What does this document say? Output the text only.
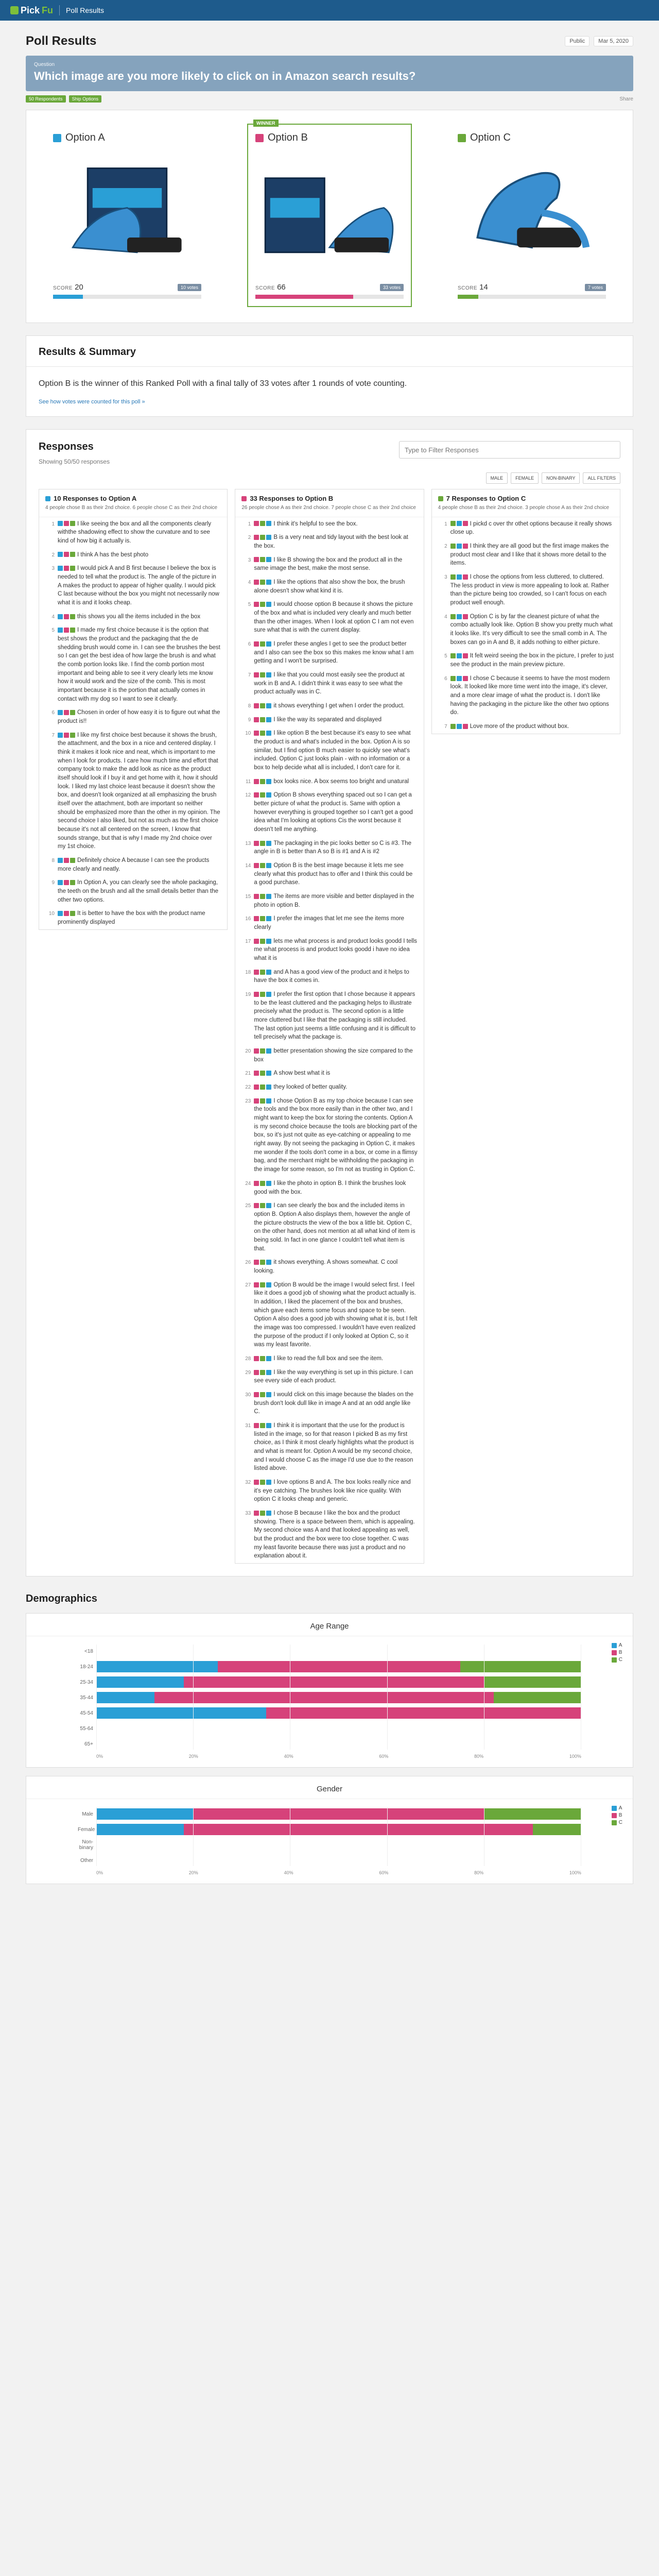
Pick Fu Poll Results
Poll Results	Public	Mar 5, 2020
Question
Which image are you more likely to click on in Amazon search results?
50 Respondents	Ship Options	Share
Option A
SCORE 20	10 votes
WINNER
Option B
SCORE 66	33 votes
Option C
SCORE 14	7 votes
Results & Summary
Option B is the winner of this Ranked Poll with a final tally of 33 votes after 1 rounds of vote counting.
See how votes were counted for this poll »
Responses
Showing 50/50 responses
Type to Filter Responses
MALE	FEMALE	NON-BINARY	ALL FILTERS
10 Responses to Option A
4 people chose B as their 2nd choice. 6 people chose C as their 2nd choice
1	I like seeing the box and all the components clearly withthe shadowing effect to show the curvature and to see kind of how big it actually is.
2	I think A has the best photo
3	I would pick A and B first because I believe the box is needed to tell what the product is. The angle of the picture in A makes the product to appear of higher quality. I would pick C last because without the box you might not necessarily now what it is and it looks cheap.
4	this shows you all the items included in the box
5	I made my first choice because it is the option that best shows the product and the packaging that the de shedding brush would come in. I can see the brushes the best so I can get the best idea of how large the brush is and what the comb portion looks like. I find the comb portion most important and being able to see it very clearly lets me know how it would work and the size of the comb. This is most important because it is the portion that actually comes in contact with my dog so I want to see it clearly.
6	Chosen in order of how easy it is to figure out what the product is!!
7	I like my first choice best because it shows the brush, the attachment, and the box in a nice and centered display. I think it makes it look nice and neat, which is important to me when I look for products. I care how much time and effort that company took to make the add look as nice as the product itself should look if I buy it and get home with it, how it should look. I liked my last choice least because it doesn't show the box, and doesn't look organized at all emphasizing the brush itself over the attachment, both are important so neither should be emphasized more than the other in my opinion. The second choice I also liked, but not as much as the first choice because it's not all centered on the screen, I know that sounds strange, but that is why I made my 2nd choice over my 1st choice.
8	Definitely choice A because I can see the products more clearly and neatly.
9	In Option A, you can clearly see the whole packaging, the teeth on the brush and all the small details better than the other two options.
10	It is better to have the box with the product name prominently displayed
33 Responses to Option B
26 people chose A as their 2nd choice. 7 people chose C as their 2nd choice
1	I think it's helpful to see the box.
2	B is a very neat and tidy layout with the best look at the box.
3	I like B showing the box and the product all in the same image the best, make the most sense.
4	I like the options that also show the box, the brush alone doesn't show what kind it is.
5	I would choose option B because it shows the picture of the box and what is included very clearly and much better than the other images. When I look at option C I am not even sure what that is with the current display.
6	I prefer these angles I get to see the product better and I also can see the box so this makes me know what I am getting and I won't be surprised.
7	I like that you could most easily see the product at work in B and A. I didn't think it was easy to see what the product actually was in C.
8	it shows everything I get when I order the product.
9	I like the way its separated and displayed
10	I like option B the best because it's easy to see what the product is and what's included in the box. Option A is so similar, but I find option B much easier to quickly see what's included. Option C just looks plain - with no information or a box to help decide what all is included, I don't care for it.
11	box looks nice. A box seems too bright and unatural
12	Option B shows everything spaced out so I can get a better picture of what the product is. Same with option a however everything is grouped together so I can't get a good idea what I'm looking at options Cis the worst because it doesn't tell me anything.
13	The packaging in the pic looks better so C is #3. The angle in B is better than A so B is #1 and A is #2
14	Option B is the best image because it lets me see clearly what this product has to offer and I think this could be a good purchase.
15	The items are more visible and better displayed in the photo in option B.
16	I prefer the images that let me see the items more clearly
17	lets me what process is and product looks goodd I tells me what process is and product looks goodd i have no idea what it is
18	and A has a good view of the product and it helps to have the box it comes in.
19	I prefer the first option that I chose because it appears to be the least cluttered and the packaging helps to illustrate precisely what the product is. The second option is a little more cluttered but I like that the packaging is still included. The last option just seems a little confusing and it is difficult to tell precisely what the package is.
20	better presentation showing the size compared to the box
21	A show best what it is
22	they looked of better quality.
23	I chose Option B as my top choice because I can see the tools and the box more easily than in the other two, and I might want to keep the box for storing the contents. Option A is my second choice because the tools are blocking part of the box, so it's just not quite as eye-catching or appealing to me right away. By not seeing the packaging in Option C, it makes me wonder if the tools don't come in a box, or come in a flimsy bag, and the merchant might be withholding the packaging in the image for some reason, so I'm not as trusting in Option C.
24	I like the photo in option B. I think the brushes look good with the box.
25	I can see clearly the box and the included items in option B. Option A also displays them, however the angle of the picture obstructs the view of the box a little bit. Option C, on the other hand, does not mention at all what kind of item is being sold. In fact in one glance I couldn't tell what item is that.
26	it shows everything. A shows somewhat. C cool looking.
27	Option B would be the image I would select first. I feel like it does a good job of showing what the product actually is. In addition, I liked the placement of the box and brushes, which gave each items some focus and space to be seen. Option A also does a good job with showing what it is, but I felt the image was too compressed. I wouldn't have even realized the purpose of the product if I only looked at Option C, so it was my least favorite.
28	I like to read the full box and see the item.
29	I like the way everything is set up in this picture. I can see every side of each product.
30	I would click on this image because the blades on the brush don't look dull like in image A and at an odd angle like C.
31	I think it is important that the use for the product is listed in the image, so for that reason I picked B as my first choice, as I think it most clearly highlights what the product is and what is meant for. Option A would be my second choice, and I would choose C as the image I'd use due to the reason listed above.
32	I love options B and A. The box looks really nice and it's eye catching. The brushes look like nice quality. With option C it looks cheap and generic.
33	I chose B because I like the box and the product showing. There is a space between them, which is appealing. My second choice was A and that looked appealing as well, but the product and the box were too close together. C was my least favorite because there was just a product and no explanation about it.
7 Responses to Option C
4 people chose B as their 2nd choice. 3 people chose A as their 2nd choice
1	I pickd c over thr othet options because it really shows close up.
2	I think they are all good but the first image makes the product most clear and I like that it shows more detail to the items.
3	I chose the options from less cluttered, to cluttered. The less product in view is more appealing to look at. Rather than the picture being too crowded, so I can't focus on each product well enough.
4	Option C is by far the cleanest picture of what the combo actually look like. Option B show you pretty much what it looks like. It's very difficult to see the small comb in A. The boxes can go in A and B, it adds nothing to either picture.
5	It felt weird seeing the box in the picture, I prefer to just see the product in the main preview picture.
6	I chose C because it seems to have the most modern look. It looked like more time went into the image, it's clever, and a more clear image of what the product is. I don't like having the packaging in the picture like the other two options do.
7	Love more of the product without box.
Demographics
Age Range
A
B
C
<18
18-24
25-34
35-44
45-54
55-64
65+
0%	20%	40%	60%	80%	100%
Gender
A
B
C
Male
Female
Non-binary
Other
0%	20%	40%	60%	80%	100%
